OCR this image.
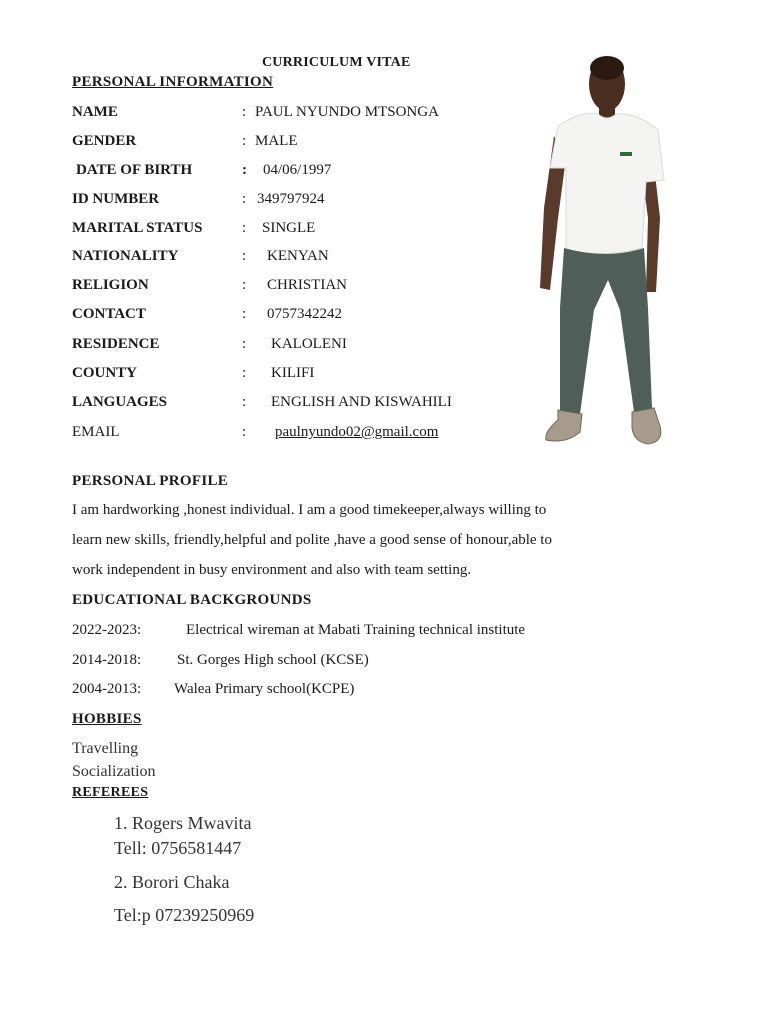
CURRICULUM VITAE
PERSONAL INFORMATION
NAME	: PAUL NYUNDO MTSONGA
GENDER	: MALE
DATE OF BIRTH	: 04/06/1997
ID NUMBER	: 349797924
MARITAL STATUS	: SINGLE
NATIONALITY	: KENYAN
RELIGION	: CHRISTIAN
CONTACT	: 0757342242
RESIDENCE	: KALOLENI
COUNTY	: KILIFI
LANGUAGES	: ENGLISH AND KISWAHILI
EMAIL	: paulnyundo02@gmail.com
PERSONAL PROFILE
I am hardworking ,honest individual. I am a good timekeeper,always willing to
learn new skills, friendly,helpful and polite ,have a good sense of honour,able to
work independent in busy environment and also with team setting.
EDUCATIONAL BACKGROUNDS
2022-2023:	Electrical wireman at Mabati Training technical institute
2014-2018: St. Gorges High school (KCSE)
2004-2013: Walea Primary school(KCPE)
HOBBIES
Travelling
Socialization
REFEREES
1. Rogers Mwavita
Tell: 0756581447
2. Borori Chaka
Tel:p 07239250969
